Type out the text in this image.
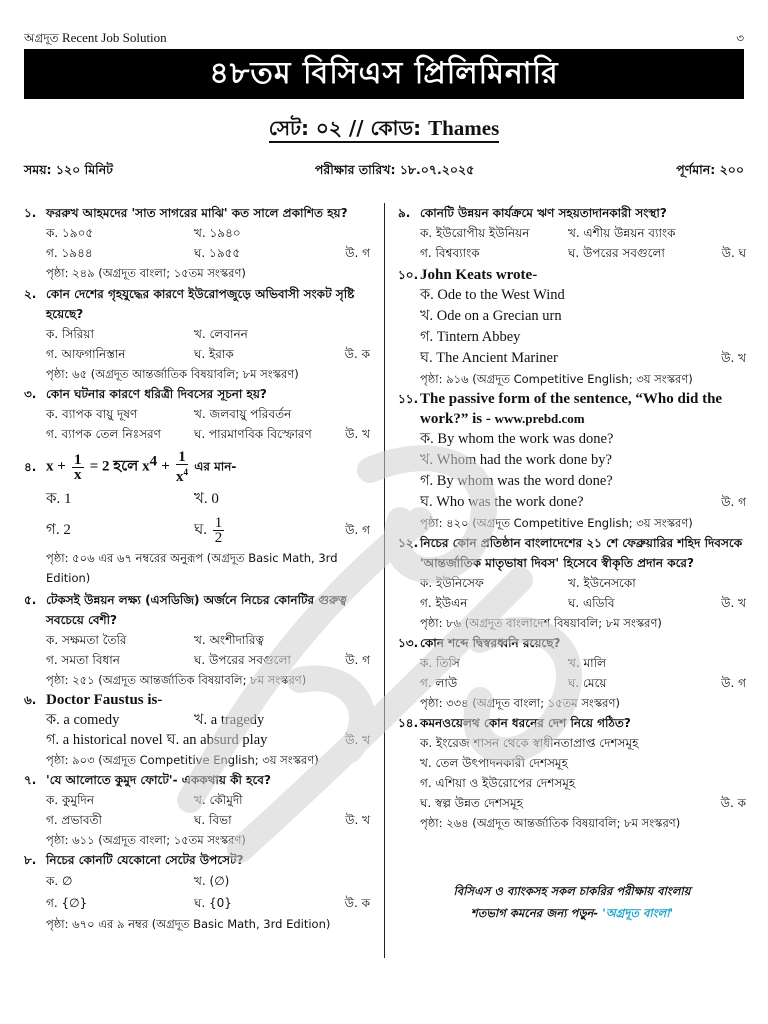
অগ্রদূত Recent Job Solution	৩
৪৮তম বিসিএস প্রিলিমিনারি
সেট: ০২ // কোড: Thames
সময়: ১২০ মিনিট	পরীক্ষার তারিখ: ১৮.০৭.২০২৫	পূর্ণমান: ২০০
১. ফররুখ আহমদের 'সাত সাগরের মাঝি' কত সালে প্রকাশিত হয়?
ক. ১৯০৫	খ. ১৯৪০
গ. ১৯৪৪	ঘ. ১৯৫৫	উ. গ
পৃষ্ঠা: ২৪৯ (অগ্রদূত বাংলা; ১৫তম সংস্করণ)
২. কোন দেশের গৃহযুদ্ধের কারণে ইউরোপজুড়ে অভিবাসী সংকট সৃষ্টি হয়েছে?
ক. সিরিয়া	খ. লেবানন
গ. আফগানিস্তান	ঘ. ইরাক	উ. ক
পৃষ্ঠা: ৬৫ (অগ্রদূত আন্তর্জাতিক বিষয়াবলি; ৮ম সংস্করণ)
৩. কোন ঘটনার কারণে ধরিত্রী দিবসের সূচনা হয়?
ক. ব্যাপক বায়ু দূষণ	খ. জলবায়ু পরিবর্তন
গ. ব্যাপক তেল নিঃসরণ	ঘ. পারমাণবিক বিস্ফোরণ	উ. খ
৪. $x + \frac{1}{x} = 2$ হলে $x^4 + \frac{1}{x^4}$ এর মান-
ক. 1	খ. 0
গ. 2	ঘ. $\frac{1}{2}$	উ. গ
পৃষ্ঠা: ৫০৬ এর ৬৭ নম্বরের অনুরূপ (অগ্রদূত Basic Math, 3rd Edition)
৫. টেকসই উন্নয়ন লক্ষ্য (এসডিজি) অর্জনে নিচের কোনটির গুরুত্ব সবচেয়ে বেশী?
ক. সক্ষমতা তৈরি	খ. অংশীদারিত্ব
গ. সমতা বিধান	ঘ. উপরের সবগুলো	উ. গ
পৃষ্ঠা: ২৫১ (অগ্রদূত আন্তর্জাতিক বিষয়াবলি; ৮ম সংস্করণ)
৬. Doctor Faustus is-
ক. a comedy	খ. a tragedy
গ. a historical novel ঘ. an absurd play	উ. খ
পৃষ্ঠা: ৯০৩ (অগ্রদূত Competitive English; ৩য় সংস্করণ)
৭. 'যে আলোতে কুমুদ ফোটে'- এককথায় কী হবে?
ক. কুমুদিন	খ. কৌমুদী
গ. প্রভাবতী	ঘ. বিভা	উ. খ
পৃষ্ঠা: ৬১১ (অগ্রদূত বাংলা; ১৫তম সংস্করণ)
৮. নিচের কোনটি যেকোনো সেটের উপসেট?
ক. ∅	খ. (∅)
গ. {∅}	ঘ. {0}	উ. ক
পৃষ্ঠা: ৬৭০ এর ৯ নম্বর (অগ্রদূত Basic Math, 3rd Edition)
৯. কোনটি উন্নয়ন কার্যক্রমে ঋণ সহয়তাদানকারী সংস্থা?
ক. ইউরোপীয় ইউনিয়ন	খ. এশীয় উন্নয়ন ব্যাংক
গ. বিশ্বব্যাংক	ঘ. উপরের সবগুলো	উ. ঘ
১০. John Keats wrote-
ক. Ode to the West Wind
খ. Ode on a Grecian urn
গ. Tintern Abbey
ঘ. The Ancient Mariner	উ. খ
পৃষ্ঠা: ৯১৬ (অগ্রদূত Competitive English; ৩য় সংস্করণ)
১১. The passive form of the sentence, “Who did the work?” is - www.prebd.com
ক. By whom the work was done?
খ. Whom had the work done by?
গ. By whom was the word done?
ঘ. Who was the work done?	উ. গ
পৃষ্ঠা: ৪২০ (অগ্রদূত Competitive English; ৩য় সংস্করণ)
১২. নিচের কোন প্রতিষ্ঠান বাংলাদেশের ২১ শে ফেব্রুয়ারির শহিদ দিবসকে 'আন্তর্জাতিক মাতৃভাষা দিবস' হিসেবে স্বীকৃতি প্রদান করে?
ক. ইউনিসেফ	খ. ইউনেসকো
গ. ইউএন	ঘ. এডিবি	উ. খ
পৃষ্ঠা: ৮৬ (অগ্রদূত বাংলাদেশ বিষয়াবলি; ৮ম সংস্করণ)
১৩. কোন শব্দে দ্বিস্বরধ্বনি রয়েছে?
ক. তিসি	খ. মালি
গ. লাউ	ঘ. মেয়ে	উ. গ
পৃষ্ঠা: ৩৩৪ (অগ্রদূত বাংলা; ১৫তম সংস্করণ)
১৪. কমনওয়েলথ কোন ধরনের দেশ নিয়ে গঠিত?
ক. ইংরেজ শাসন থেকে স্বাধীনতাপ্রাপ্ত দেশসমূহ
খ. তেল উৎপাদনকারী দেশসমূহ
গ. এশিয়া ও ইউরোপের দেশসমূহ
ঘ. স্বল্প উন্নত দেশসমূহ	উ. ক
পৃষ্ঠা: ২৬৪ (অগ্রদূত আন্তর্জাতিক বিষয়াবলি; ৮ম সংস্করণ)
বিসিএস ও ব্যাংকসহ সকল চাকরির পরীক্ষায় বাংলায়
শতভাগ কমনের জন্য পড়ুন- 'অগ্রদূত বাংলা'
